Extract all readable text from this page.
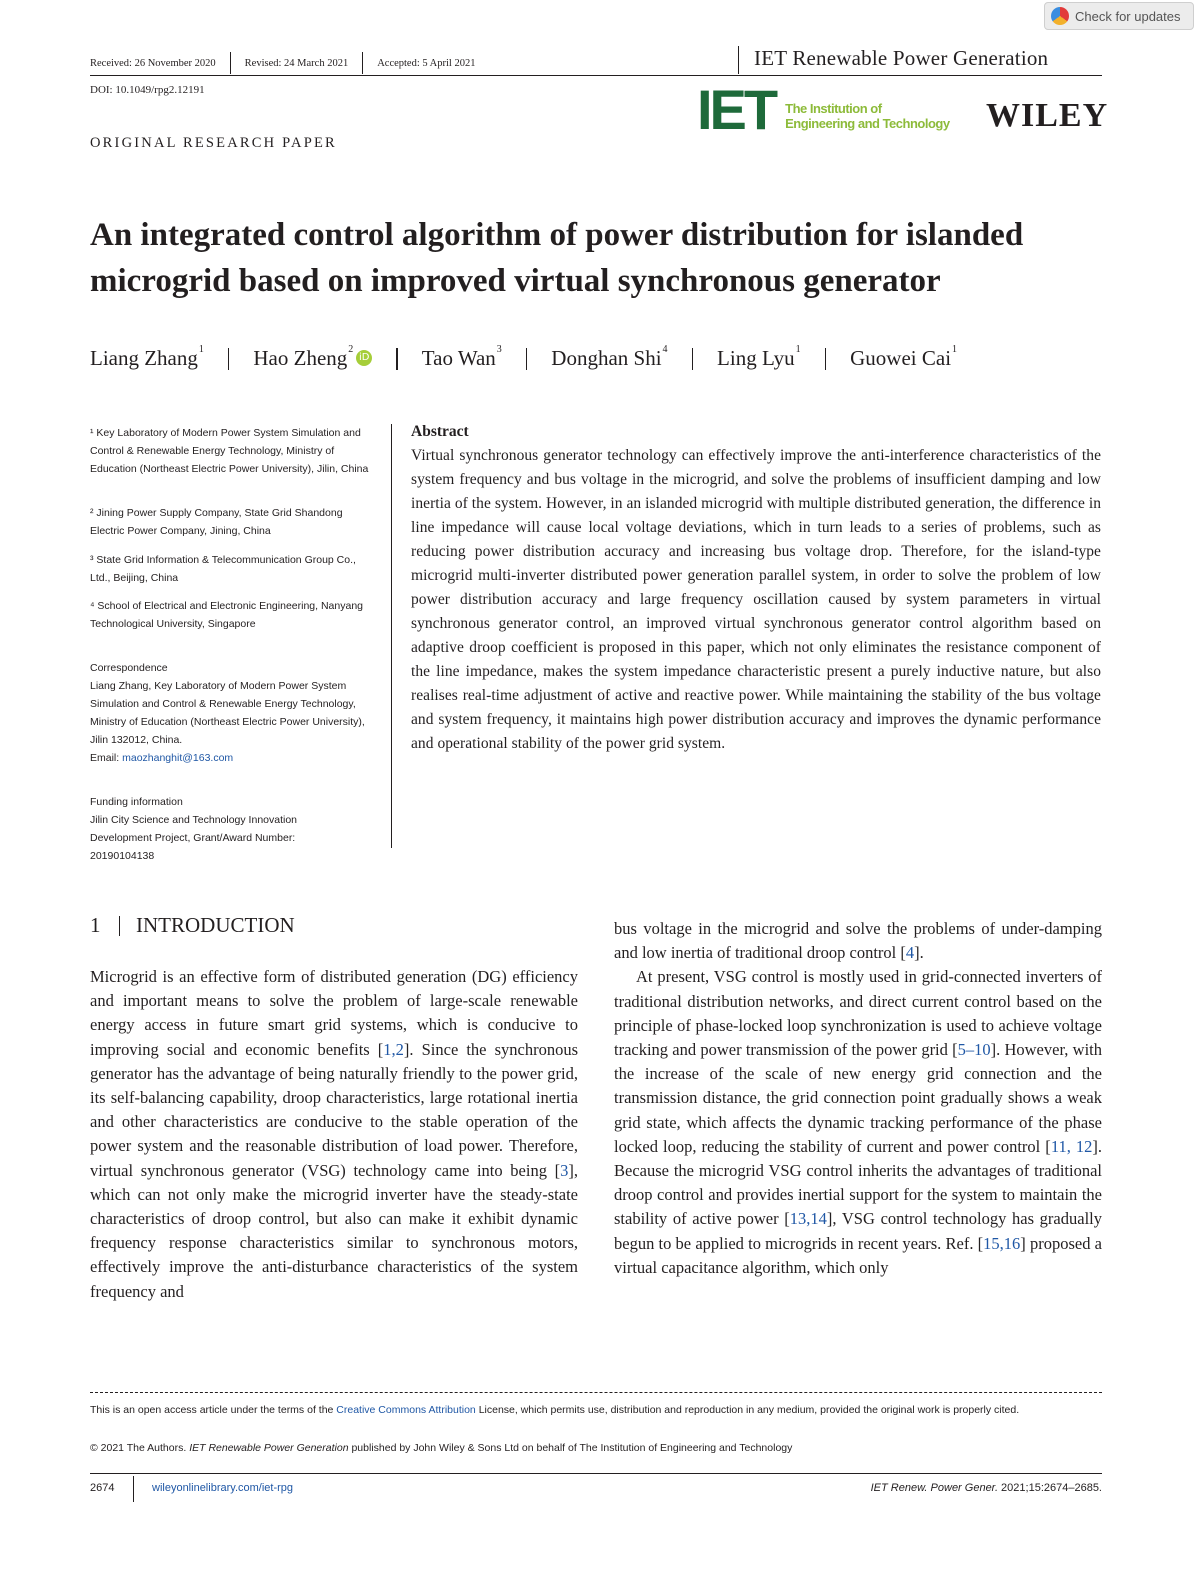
Check for updates
Received: 26 November 2020	Revised: 24 March 2021	Accepted: 5 April 2021	IET Renewable Power Generation
DOI: 10.1049/rpg2.12191
ORIGINAL RESEARCH PAPER
IET The Institution of
Engineering and Technology WILEY
An integrated control algorithm of power distribution for islanded microgrid based on improved virtual synchronous generator
Liang Zhang$^1$ Hao Zheng$^2$
iD Tao Wan$^3$ Donghan Shi$^4$ Ling Lyu$^1$ Guowei Cai$^1$
¹ Key Laboratory of Modern Power System Simulation and Control & Renewable Energy Technology, Ministry of Education (Northeast Electric Power University), Jilin, China
² Jining Power Supply Company, State Grid Shandong Electric Power Company, Jining, China
³ State Grid Information & Telecommunication Group Co., Ltd., Beijing, China
⁴ School of Electrical and Electronic Engineering, Nanyang Technological University, Singapore
Correspondence
Liang Zhang, Key Laboratory of Modern Power System Simulation and Control & Renewable Energy Technology, Ministry of Education (Northeast Electric Power University), Jilin 132012, China.
Email: maozhanghit@163.com
Funding information
Jilin City Science and Technology Innovation Development Project, Grant/Award Number: 20190104138
Abstract
Virtual synchronous generator technology can effectively improve the anti-interference characteristics of the system frequency and bus voltage in the microgrid, and solve the problems of insufficient damping and low inertia of the system. However, in an islanded microgrid with multiple distributed generation, the difference in line impedance will cause local voltage deviations, which in turn leads to a series of problems, such as reducing power distribution accuracy and increasing bus voltage drop. Therefore, for the island-type microgrid multi-inverter distributed power generation parallel system, in order to solve the problem of low power distribution accuracy and large frequency oscillation caused by system parameters in virtual synchronous generator control, an improved virtual synchronous generator control algorithm based on adaptive droop coefficient is proposed in this paper, which not only eliminates the resistance component of the line impedance, makes the system impedance characteristic present a purely inductive nature, but also realises real-time adjustment of active and reactive power. While maintaining the stability of the bus voltage and system frequency, it maintains high power distribution accuracy and improves the dynamic performance and operational stability of the power grid system.
1 INTRODUCTION

Microgrid is an effective form of distributed generation (DG) efficiency and important means to solve the problem of large-scale renewable energy access in future smart grid systems, which is conducive to improving social and economic benefits [1,2]. Since the synchronous generator has the advantage of being naturally friendly to the power grid, its self-balancing capability, droop characteristics, large rotational inertia and other characteristics are conducive to the stable operation of the power system and the reasonable distribution of load power. Therefore, virtual synchronous generator (VSG) technology came into being [3], which can not only make the microgrid inverter have the steady-state characteristics of droop control, but also can make it exhibit dynamic frequency response characteristics similar to synchronous motors, effectively improve the anti-disturbance characteristics of the system frequency and

bus voltage in the microgrid and solve the problems of under-damping and low inertia of traditional droop control [4].

At present, VSG control is mostly used in grid-connected inverters of traditional distribution networks, and direct current control based on the principle of phase-locked loop synchronization is used to achieve voltage tracking and power transmission of the power grid [5–10]. However, with the increase of the scale of new energy grid connection and the transmission distance, the grid connection point gradually shows a weak grid state, which affects the dynamic tracking performance of the phase locked loop, reducing the stability of current and power control [11, 12]. Because the microgrid VSG control inherits the advantages of traditional droop control and provides inertial support for the system to maintain the stability of active power [13,14], VSG control technology has gradually begun to be applied to microgrids in recent years. Ref. [15,16] proposed a virtual capacitance algorithm, which only

This is an open access article under the terms of the Creative Commons Attribution License, which permits use, distribution and reproduction in any medium, provided the original work is properly cited.
© 2021 The Authors. IET Renewable Power Generation published by John Wiley & Sons Ltd on behalf of The Institution of Engineering and Technology
2674	wileyonlinelibrary.com/iet-rpg	IET Renew. Power Gener. 2021;15:2674–2685.
